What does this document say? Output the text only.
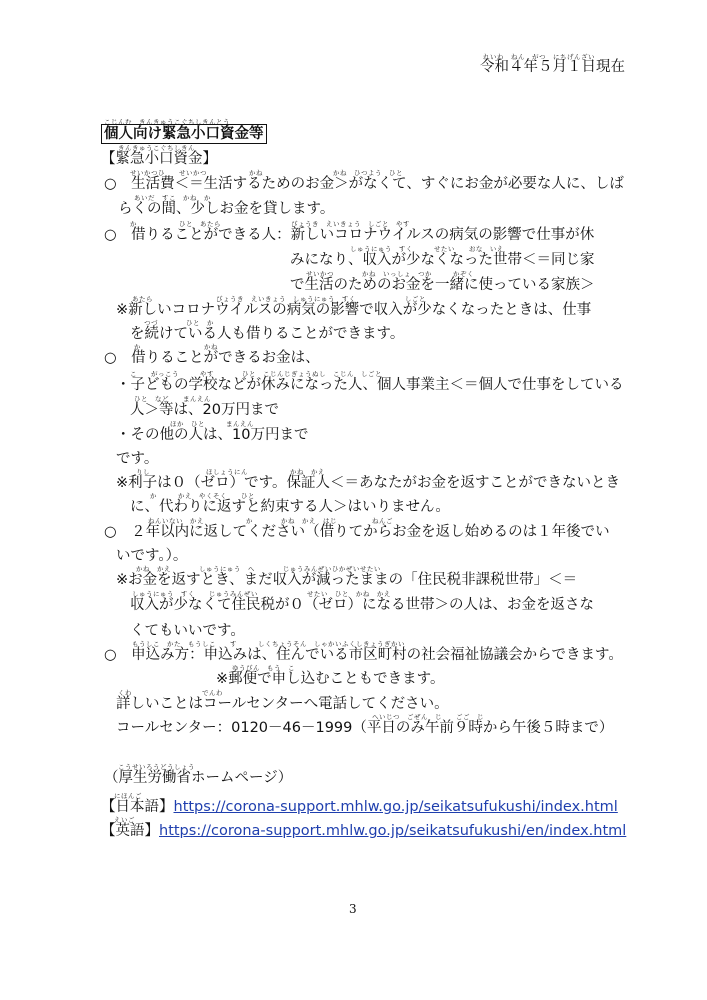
れいわ　ねん　がつ　にちげんざい
令和４年５月１日現在
こじんむ　きんきゅうこぐちしきんとう
個人向け緊急小口資金等
きんきゅうこぐちしきん
【緊急小口資金】
せいかつひ　　せいかつ　　　　　　かね　　　　　　　　　　かね　ひつよう　ひと
○　生活費＜＝生活するためのお金＞がなくて、すぐにお金が必要な人に、しば
あいだ　すこ　かね　か
らくの間、少しお金を貸します。
か　　　　　　ひと　あたら　　　　　　　　　　びょうき　えいきょう　しごと　やす
○　借りることができる人：新しいコロナウイルスの病気の影響で仕事が休
しゅうにゅう　すく　　　せたい　　おな　いえ
みになり、収入が少なくなった世帯＜＝同じ家
せいかつ　　　　かね　いっしょ　つか　　　かぞく
で生活のためのお金を一緒に使っている家族＞
あたら　　　　　　　　　びょうき　えいきょう　しゅうにゅう　すく　　　　　　　しごと
※新しいコロナウイルスの病気の影響で収入が少なくなったときは、仕事
つづ　　　　ひと　か
を続けている人も借りることができます。
か　　　　　　　　　かね
○　借りることができるお金は、
こ　　がっこう　　　やす　　　　ひと　こじんじぎょうぬし　こじん　しごと
・子どもの学校などが休みになった人、個人事業主＜＝個人で仕事をしている
ひと　など　　まんえん
人＞等は、20万円まで
ほか　ひと　　　まんえん
・その他の人は、10万円まで
です。
りし　　　　　　　　ほしょうにん　　　　　　かね　かえ
※利子は０（ゼロ）です。保証人＜＝あなたがお金を返すことができないとき
か　　　かえ　やくそく　　ひと
に、代わりに返すと約束する人＞はいりません。
ねんいない　かえ　　　　　　か　　　　かね　かえ　はじ　　　　　ねんご
○　２年以内に返してください（借りてからお金を返し始めるのは１年後でい
いです。）。
かね　かえ　　　　しゅうにゅう　へ　　　　じゅうみんぜいひかぜいせたい
※お金を返すとき、まだ収入が減ったままの「住民税非課税世帯」＜＝
しゅうにゅう　すく　　じゅうみんぜい　　　　　　　せたい　ひと　かね　かえ
収入が少なくて住民税が０（ゼロ）になる世帯＞の人は、お金を返さな
くてもいいです。
もうしこ　かた　もうしこ　　す　　　しくちょうそん　しゃかいふくしきょうぎかい
○　申込み方：申込みは、住んでいる市区町村の社会福祉協議会からできます。
ゆうびん　もう　こ
※郵便で申し込むこともできます。
くわ　　　　　　　　　　でんわ
詳しいことはコールセンターへ電話してください。
へいじつ　ごぜん　じ　　ごご　じ
コールセンター：0120－46－1999（平日のみ午前９時から午後５時まで）
こうせいろうどうしょう
（厚生労働省ホームページ）
にほんご
【日本語】https://corona-support.mhlw.go.jp/seikatsufukushi/index.html
えいご
【英語】https://corona-support.mhlw.go.jp/seikatsufukushi/en/index.html
3
